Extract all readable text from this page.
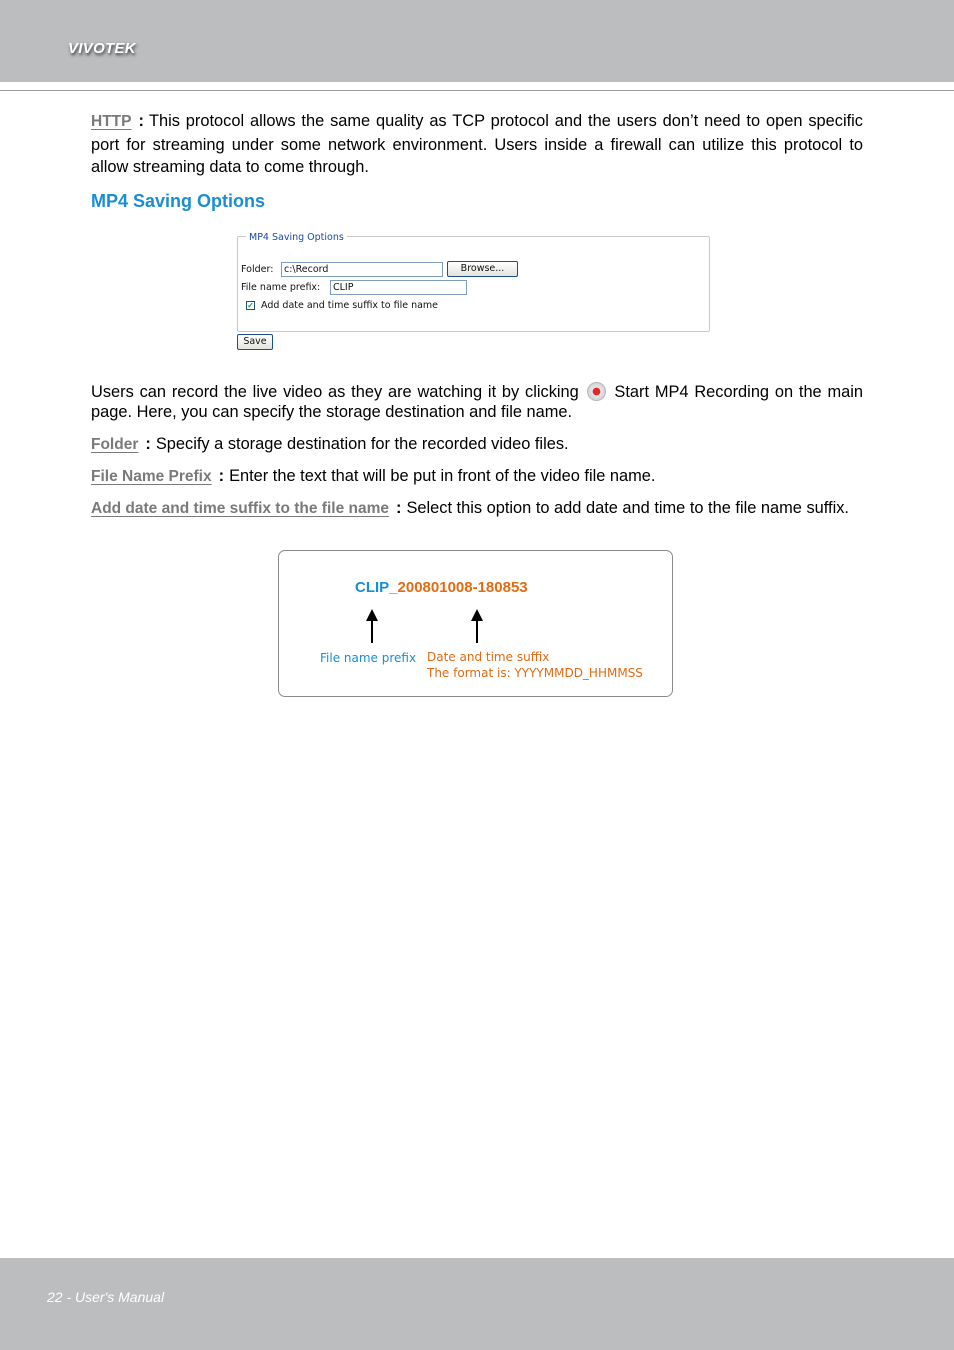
VIVOTEK
HTTP : This protocol allows the same quality as TCP protocol and the users don’t need to open specific port for streaming under some network environment. Users inside a firewall can utilize this protocol to allow streaming data to come through.
MP4 Saving Options
MP4 Saving Options
Folder:	c:\Record	Browse...
File name prefix:	CLIP
✓ Add date and time suffix to file name
Save
Users can record the live video as they are watching it by clicking Start MP4 Recording on the main page. Here, you can specify the storage destination and file name.
Folder : Specify a storage destination for the recorded video files.
File Name Prefix : Enter the text that will be put in front of the video file name.
Add date and time suffix to the file name : Select this option to add date and time to the file name suffix.
CLIP_200801008-180853
File name prefix Date and time suffix
The format is: YYYYMMDD_HHMMSS
22 - User's Manual
